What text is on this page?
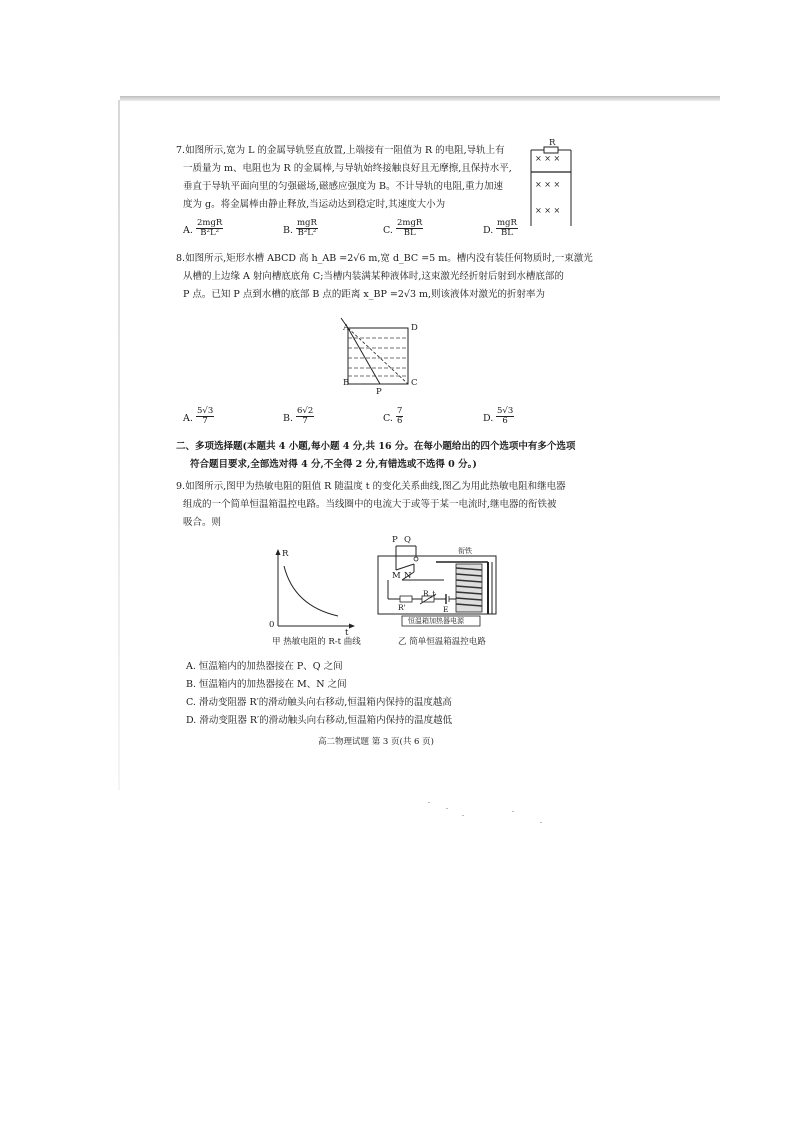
7.如图所示,宽为 L 的金属导轨竖直放置,上端接有一阻值为 R 的电阻,导轨上有
一质量为 m、电阻也为 R 的金属棒,与导轨始终接触良好且无摩擦,且保持水平,
垂直于导轨平面向里的匀强磁场,磁感应强度为 B。不计导轨的电阻,重力加速
度为 g。将金属棒由静止释放,当运动达到稳定时,其速度大小为
R
× × ×
× × ×
× × ×
A.
2mgR
B²L²	B.
mgR
B²L²	C.
2mgR
BL	D.
mgR
BL
8.如图所示,矩形水槽 ABCD 高 h_AB =2√6 m,宽 d_BC =5 m。槽内没有装任何物质时,一束激光
从槽的上边缘 A 射向槽底底角 C;当槽内装满某种液体时,这束激光经折射后射到水槽底部的
P 点。已知 P 点到水槽的底部 B 点的距离 x_BP =2√3 m,则该液体对激光的折射率为
A	D
B	C
P
A. $\frac{5√3}{7}$	B. $\frac{6√2}{7}$	C. $\frac{7}{6}$	D. $\frac{5√3}{6}$
二、多项选择题(本题共 4 小题,每小题 4 分,共 16 分。在每小题给出的四个选项中有多个选项
符合题目要求,全部选对得 4 分,不全得 2 分,有错选或不选得 0 分。)
9.如图所示,图甲为热敏电阻的阻值 R 随温度 t 的变化关系曲线,图乙为用此热敏电阻和继电器
组成的一个简单恒温箱温控电路。当线圈中的电流大于或等于某一电流时,继电器的衔铁被
吸合。则
R
t
0
甲 热敏电阻的 R-t 曲线
P Q
M N
衔铁
R'
R_t
E
恒温箱加热器电源
乙 简单恒温箱温控电路
A. 恒温箱内的加热器接在 P、Q 之间
B. 恒温箱内的加热器接在 M、N 之间
C. 滑动变阻器 R′的滑动触头向右移动,恒温箱内保持的温度越高
D. 滑动变阻器 R′的滑动触头向右移动,恒温箱内保持的温度越低
高二物理试题 第 3 页(共 6 页)
